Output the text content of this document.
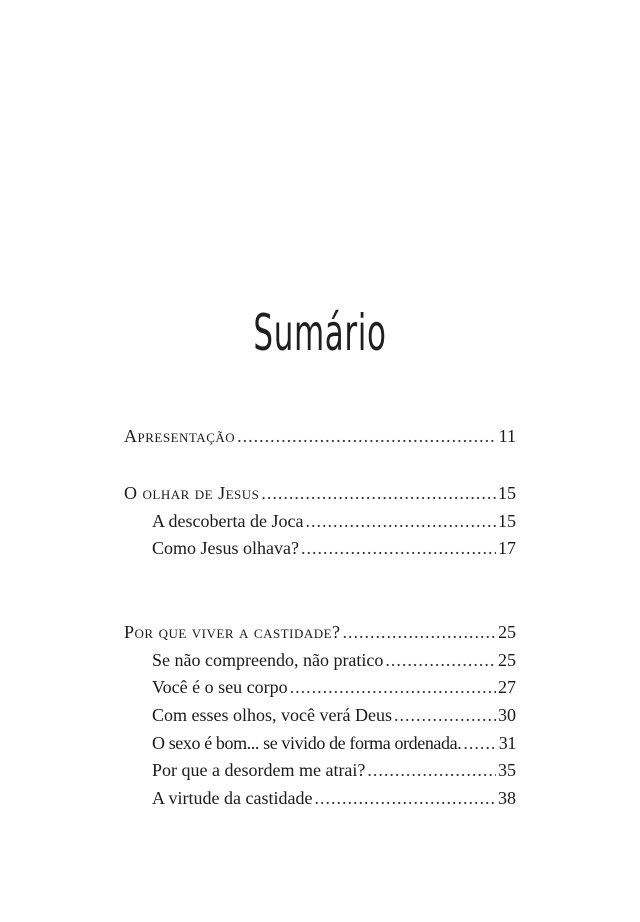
Sumário
Apresentação .....	11
O olhar de Jesus .....	15
A descoberta de Joca .....	15
Como Jesus olhava? .....	17
Por que viver a castidade? .....	25
Se não compreendo, não pratico .....	25
Você é o seu corpo .....	27
Com esses olhos, você verá Deus .....	30
O sexo é bom... se vivido de forma ordenada. ..... 31
Por que a desordem me atrai? .....	35
A virtude da castidade .....	38
